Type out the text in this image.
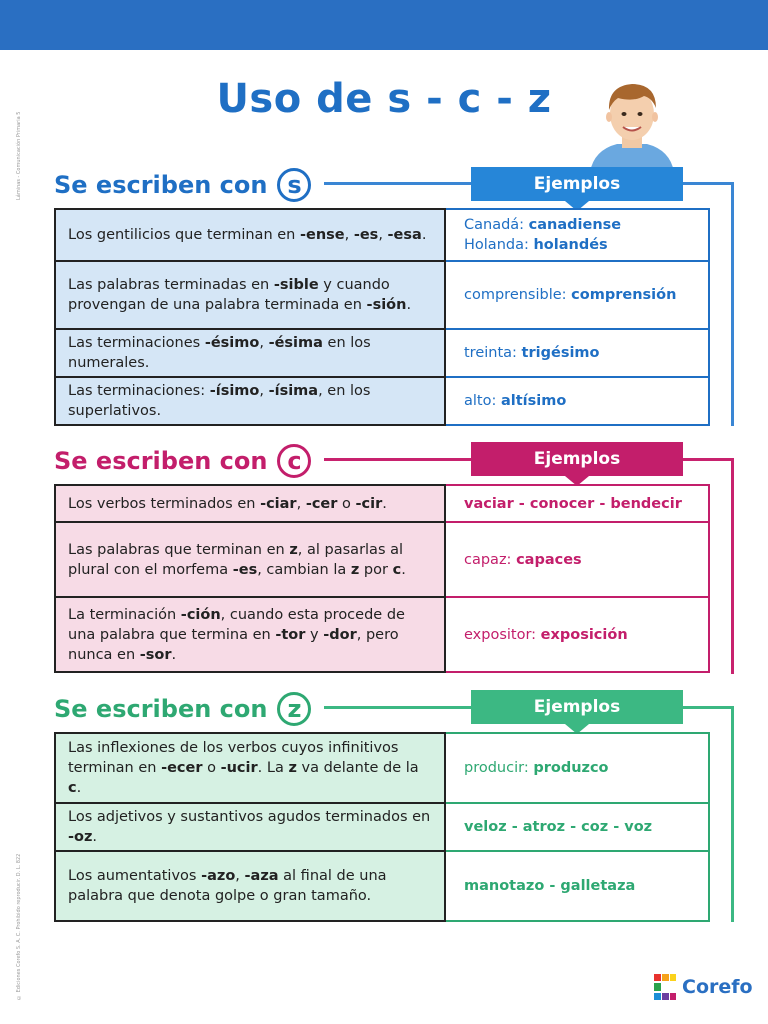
Láminas - Comunicación Primaria 5
© Ediciones Corefo S. A. C. Prohibido reproducir. D. L. 822
Uso de s - c - z
Se escriben con s	Ejemplos
Los gentilicios que terminan en -ense, -es, -esa.	Canadá: canadiense
Holanda: holandés
Las palabras terminadas en -sible y cuando provengan de una palabra terminada en -sión.	comprensible: comprensión
Las terminaciones -ésimo, -ésima en los numerales.	treinta: trigésimo
Las terminaciones: -ísimo, -ísima, en los superlativos.	alto: altísimo
Se escriben con c	Ejemplos
Los verbos terminados en -ciar, -cer o -cir.	vaciar - conocer - bendecir
Las palabras que terminan en z, al pasarlas al plural con el morfema -es, cambian la z por c.	capaz: capaces
La terminación -ción, cuando esta procede de una palabra que termina en -tor y -dor, pero nunca en -sor.	expositor: exposición
Se escriben con z	Ejemplos
Las inflexiones de los verbos cuyos infinitivos terminan en -ecer o -ucir. La z va delante de la c.	producir: produzco
Los adjetivos y sustantivos agudos terminados en -oz.	veloz - atroz - coz - voz
Los aumentativos -azo, -aza al final de una palabra que denota golpe o gran tamaño.	manotazo - galletaza
Corefo
